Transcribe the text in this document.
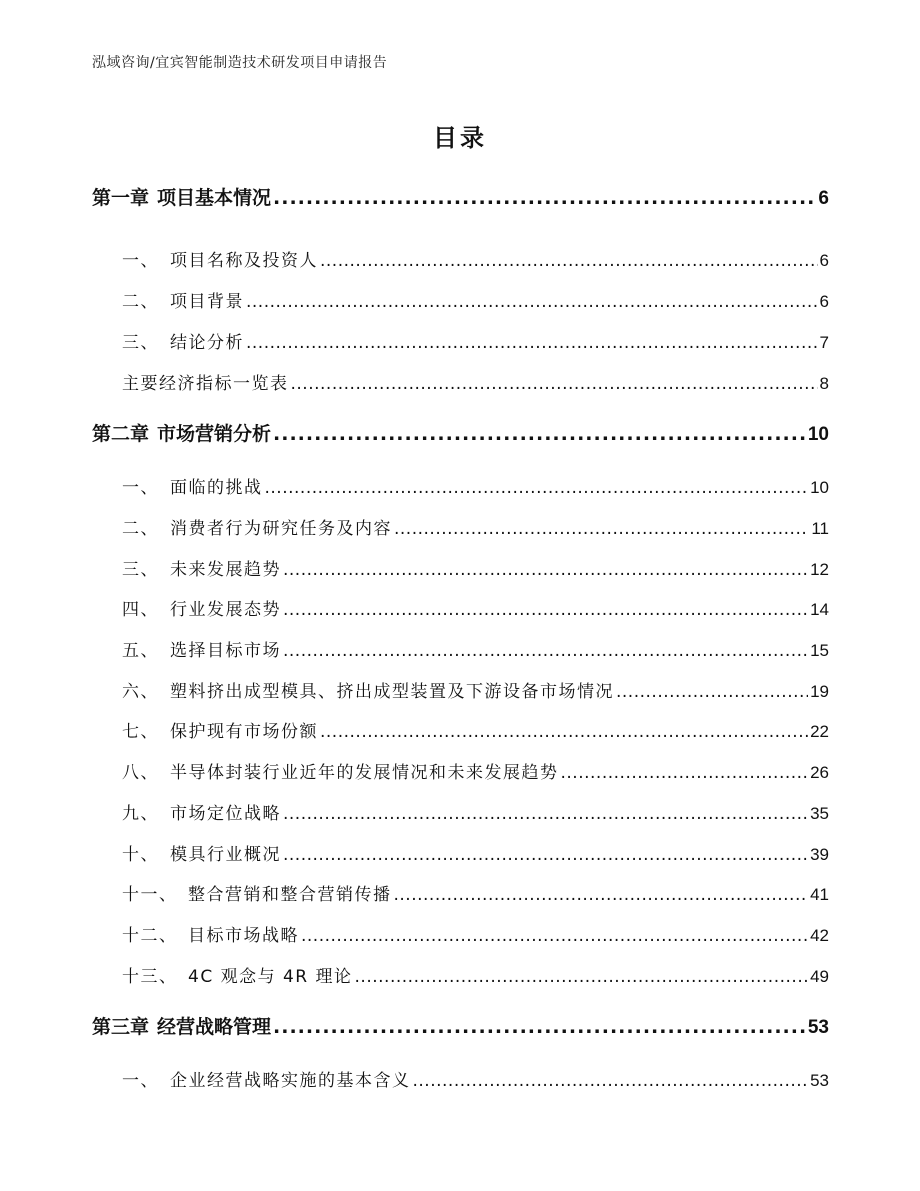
泓域咨询/宜宾智能制造技术研发项目申请报告
目录
第一章 项目基本情况 .....	6
一、 项目名称及投资人 .....	6
二、 项目背景 .....	6
三、 结论分析 .....	7
主要经济指标一览表 .....	8
第二章 市场营销分析 .....	10
一、 面临的挑战 .....	10
二、 消费者行为研究任务及内容 .....	11
三、 未来发展趋势 .....	12
四、 行业发展态势 .....	14
五、 选择目标市场 .....	15
六、 塑料挤出成型模具、挤出成型装置及下游设备市场情况 .....	19
七、 保护现有市场份额 .....	22
八、 半导体封装行业近年的发展情况和未来发展趋势 .....	26
九、 市场定位战略 .....	35
十、 模具行业概况 .....	39
十一、 整合营销和整合营销传播 .....	41
十二、 目标市场战略 .....	42
十三、 4C 观念与 4R 理论 .....	49
第三章 经营战略管理 .....	53
一、 企业经营战略实施的基本含义 .....	53
